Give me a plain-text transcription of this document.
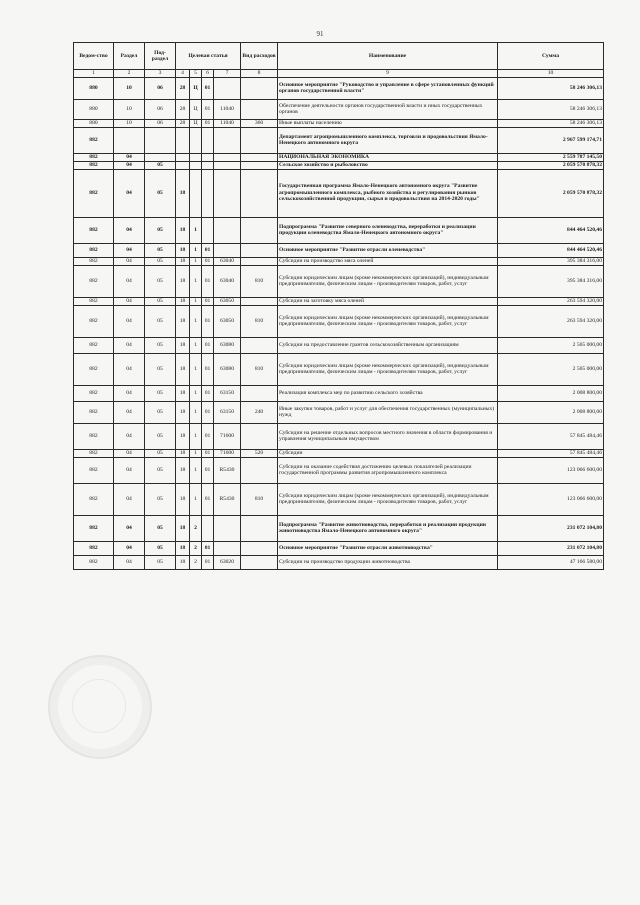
91
Ведом-ство	Раздел	Под-раздел	Целевая статья				Вид расходов	Наименование	Сумма
1	2	3	4	5	6	7	8	9	10
880	10	06	28	Ц	01			Основное мероприятие "Руководство и управление в сфере установленных функций органов государственной власти"	58 246 306,13
880	10	06	28	Ц	01	11040		Обеспечение деятельности органов государственной власти и иных государственных органов	58 246 306,13
880	10	06	28	Ц	01	11040	360	Иные выплаты населению	58 246 306,13
882								Департамент агропромышленного комплекса, торговли и продовольствия Ямало-Ненецкого автономного округа	2 967 599 174,71
882	04							НАЦИОНАЛЬНАЯ ЭКОНОМИКА	2 559 787 145,50
882	04	05						Сельское хозяйство и рыболовство	2 059 570 878,32
882	04	05	18					Государственная программа Ямало-Ненецкого автономного округа "Развитие агропромышленного комплекса, рыбного хозяйства и регулирования рынков сельскохозяйственной продукции, сырья и продовольствия на 2014-2020 годы"	2 059 570 878,32
882	04	05	18	1				Подпрограмма "Развитие северного оленеводства, переработки и реализации продукции оленеводства Ямало-Ненецкого автономного округа"	844 464 520,46
882	04	05	18	1	01			Основное мероприятие "Развитие отрасли оленеводства"	844 464 520,46
882	04	05	18	1	01	63040		Субсидии на производство мяса оленей	395 384 316,00
882	04	05	18	1	01	63040	810	Субсидии юридическим лицам (кроме некоммерческих организаций), индивидуальным предпринимателям, физическим лицам - производителям товаров, работ, услуг	395 384 316,00
882	04	05	18	1	01	63050		Субсидии на заготовку мяса оленей	263 594 320,00
882	04	05	18	1	01	63050	810	Субсидии юридическим лицам (кроме некоммерческих организаций), индивидуальным предпринимателям, физическим лицам - производителям товаров, работ, услуг	263 594 320,00
882	04	05	18	1	01	63080		Субсидии на предоставление грантов сельскохозяйственным организациям	2 565 000,00
882	04	05	18	1	01	63080	810	Субсидии юридическим лицам (кроме некоммерческих организаций), индивидуальным предпринимателям, физическим лицам - производителям товаров, работ, услуг	2 565 000,00
882	04	05	18	1	01	63150		Реализация комплекса мер по развитию сельского хозяйства	2 008 800,00
882	04	05	18	1	01	63150	240	Иные закупки товаров, работ и услуг для обеспечения государственных (муниципальных) нужд	2 008 800,00
882	04	05	18	1	01	71600		Субсидии на решение отдельных вопросов местного значения в области формирования и управления муниципальным имуществом	57 845 484,46
882	04	05	18	1	01	71600	520	Субсидии	57 845 484,46
882	04	05	18	1	01	R5430		Субсидии на оказание содействия достижению целевых показателей реализации государственной программы развития агропромышленного комплекса	123 066 600,00
882	04	05	18	1	01	R5430	810	Субсидии юридическим лицам (кроме некоммерческих организаций), индивидуальным предпринимателям, физическим лицам - производителям товаров, работ, услуг	123 066 600,00
882	04	05	18	2				Подпрограмма "Развитие животноводства, переработки и реализации продукции животноводства Ямало-Ненецкого автономного округа"	231 072 104,80
882	04	05	18	2	01			Основное мероприятие "Развитие отрасли животноводства"	231 072 104,80
882	04	05	18	2	01	63020		Субсидии на производство продукции животноводства	47 166 580,00
